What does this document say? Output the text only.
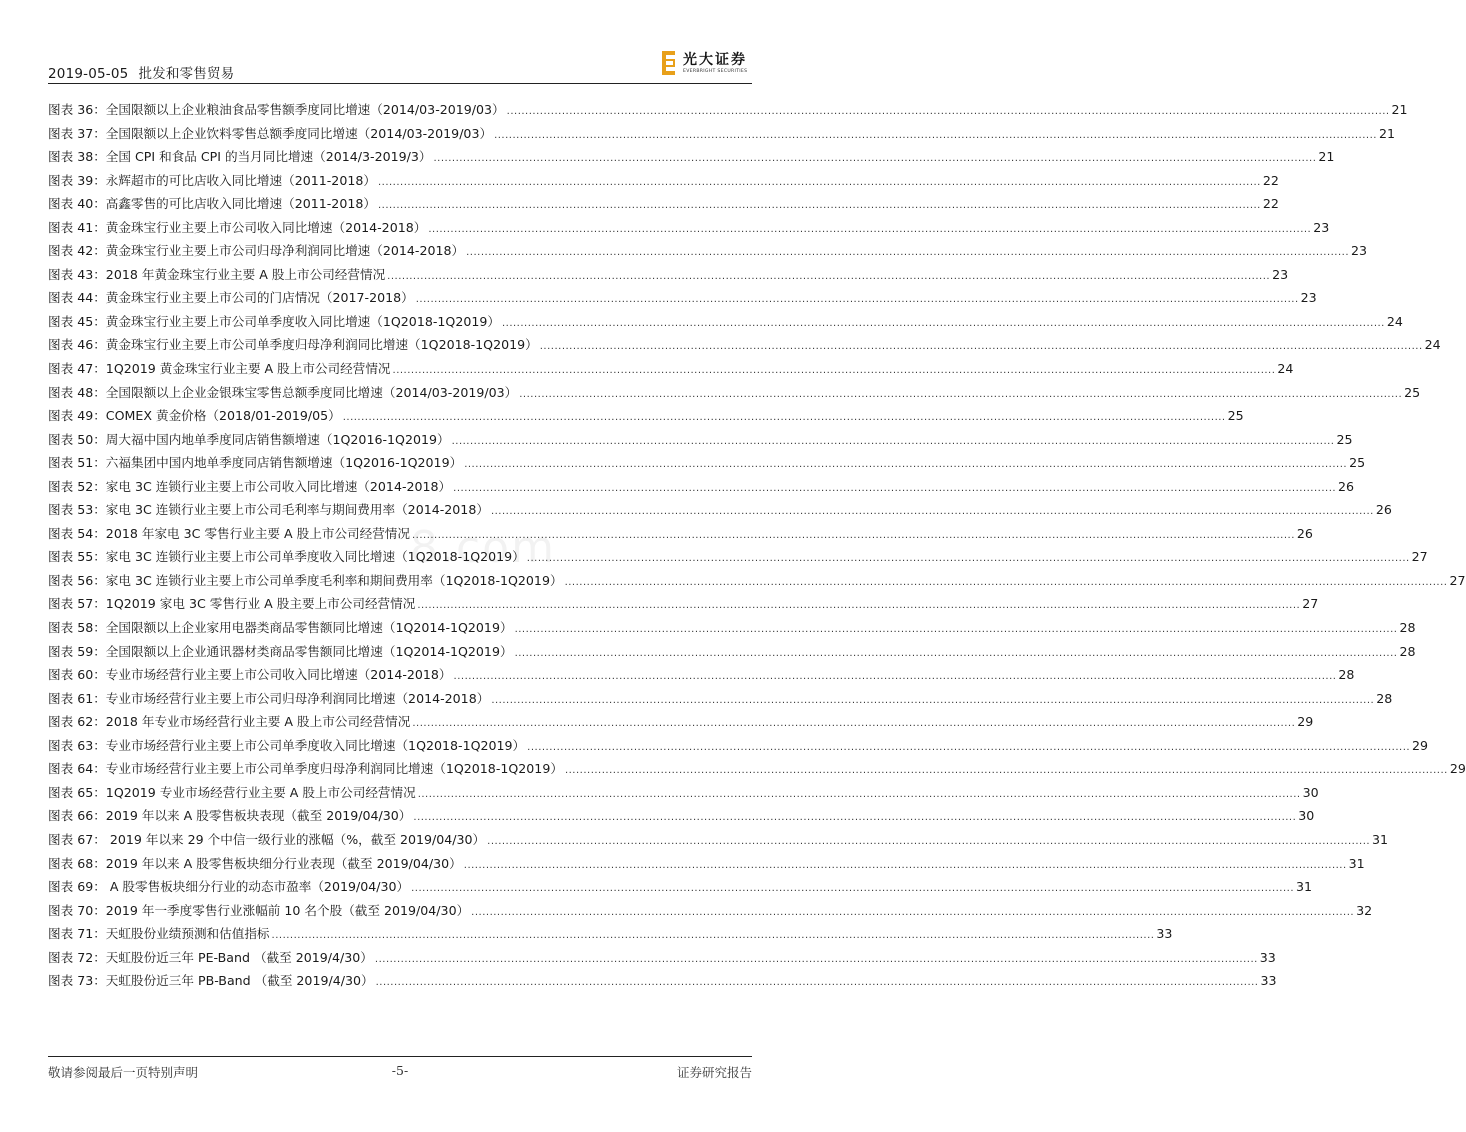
2019-05-05 批发和零售贸易
光大证券
EVERBRIGHT SECURITIES
8.com
图表 36：全国限额以上企业粮油食品零售额季度同比增速（2014/03-2019/03） .....	21
图表 37：全国限额以上企业饮料零售总额季度同比增速（2014/03-2019/03） .....	21
图表 38：全国 CPI 和食品 CPI 的当月同比增速（2014/3-2019/3） .....	21
图表 39：永辉超市的可比店收入同比增速（2011-2018） .....	22
图表 40：高鑫零售的可比店收入同比增速（2011-2018） .....	22
图表 41：黄金珠宝行业主要上市公司收入同比增速（2014-2018） .....	23
图表 42：黄金珠宝行业主要上市公司归母净利润同比增速（2014-2018） .....	23
图表 43：2018 年黄金珠宝行业主要 A 股上市公司经营情况 .....	23
图表 44：黄金珠宝行业主要上市公司的门店情况（2017-2018） .....	23
图表 45：黄金珠宝行业主要上市公司单季度收入同比增速（1Q2018-1Q2019） .....	24
图表 46：黄金珠宝行业主要上市公司单季度归母净利润同比增速（1Q2018-1Q2019） .....	24
图表 47：1Q2019 黄金珠宝行业主要 A 股上市公司经营情况 .....	24
图表 48：全国限额以上企业金银珠宝零售总额季度同比增速（2014/03-2019/03） .....	25
图表 49：COMEX 黄金价格（2018/01-2019/05） .....	25
图表 50：周大福中国内地单季度同店销售额增速（1Q2016-1Q2019） .....	25
图表 51：六福集团中国内地单季度同店销售额增速（1Q2016-1Q2019） .....	25
图表 52：家电 3C 连锁行业主要上市公司收入同比增速（2014-2018） .....	26
图表 53：家电 3C 连锁行业主要上市公司毛利率与期间费用率（2014-2018） .....	26
图表 54：2018 年家电 3C 零售行业主要 A 股上市公司经营情况 .....	26
图表 55：家电 3C 连锁行业主要上市公司单季度收入同比增速（1Q2018-1Q2019） .....	27
图表 56：家电 3C 连锁行业主要上市公司单季度毛利率和期间费用率（1Q2018-1Q2019） .....	27
图表 57：1Q2019 家电 3C 零售行业 A 股主要上市公司经营情况 .....	27
图表 58：全国限额以上企业家用电器类商品零售额同比增速（1Q2014-1Q2019） .....	28
图表 59：全国限额以上企业通讯器材类商品零售额同比增速（1Q2014-1Q2019） .....	28
图表 60：专业市场经营行业主要上市公司收入同比增速（2014-2018） .....	28
图表 61：专业市场经营行业主要上市公司归母净利润同比增速（2014-2018） .....	28
图表 62：2018 年专业市场经营行业主要 A 股上市公司经营情况 .....	29
图表 63：专业市场经营行业主要上市公司单季度收入同比增速（1Q2018-1Q2019） .....	29
图表 64：专业市场经营行业主要上市公司单季度归母净利润同比增速（1Q2018-1Q2019） .....	29
图表 65：1Q2019 专业市场经营行业主要 A 股上市公司经营情况 .....	30
图表 66：2019 年以来 A 股零售板块表现（截至 2019/04/30） .....	30
图表 67： 2019 年以来 29 个中信一级行业的涨幅（%，截至 2019/04/30） .....	31
图表 68：2019 年以来 A 股零售板块细分行业表现（截至 2019/04/30） .....	31
图表 69： A 股零售板块细分行业的动态市盈率（2019/04/30） .....	31
图表 70：2019 年一季度零售行业涨幅前 10 名个股（截至 2019/04/30） .....	32
图表 71：天虹股份业绩预测和估值指标 .....	33
图表 72：天虹股份近三年 PE-Band （截至 2019/4/30） .....	33
图表 73：天虹股份近三年 PB-Band （截至 2019/4/30） .....	33
敬请参阅最后一页特别声明	-5-	证券研究报告
